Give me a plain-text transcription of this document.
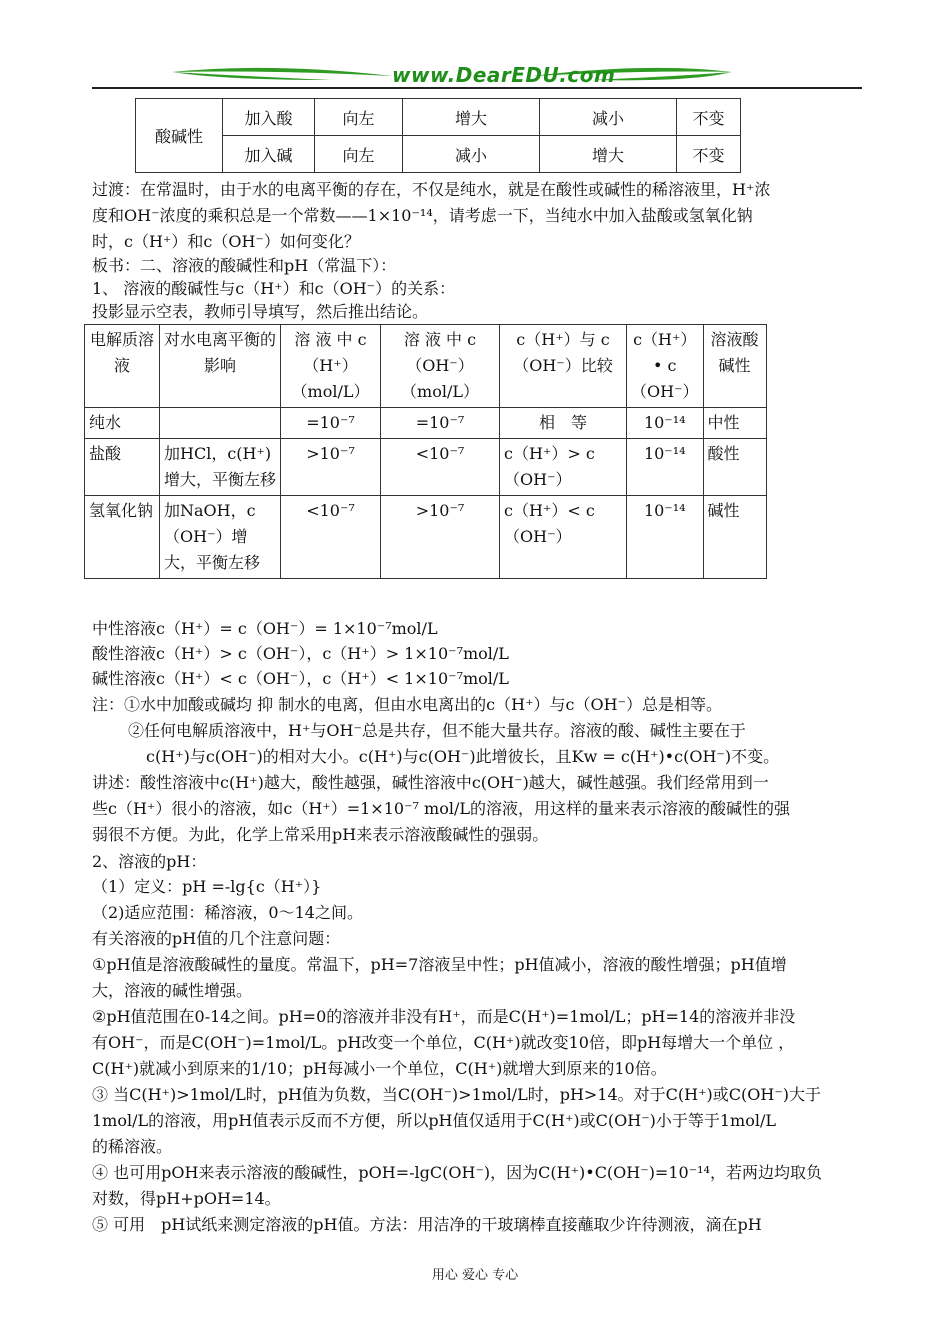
www.DearEDU.com
酸碱性	加入酸	向左	增大	减小	不变
	加入碱	向左	减小	增大	不变
过渡：在常温时，由于水的电离平衡的存在，不仅是纯水，就是在酸性或碱性的稀溶液里，H⁺浓
度和OH⁻浓度的乘积总是一个常数——1×10⁻¹⁴，请考虑一下，当纯水中加入盐酸或氢氧化钠
时，c（H⁺）和c（OH⁻）如何变化？
板书：二、溶液的酸碱性和pH（常温下）：
1、 溶液的酸碱性与c（H⁺）和c（OH⁻）的关系：
投影显示空表，教师引导填写，然后推出结论。
电解质溶液	对水电离平衡的影响	溶 液 中 c（H⁺）（mol/L）	溶 液 中 c（OH⁻）（mol/L）	c（H⁺）与 c（OH⁻）比较	c（H⁺）• c（OH⁻）	溶液酸碱性
纯水		=10⁻⁷	=10⁻⁷	相　等	10⁻¹⁴	中性
盐酸	加HCl，c(H⁺)增大，平衡左移	>10⁻⁷	<10⁻⁷	c（H⁺）> c（OH⁻）	10⁻¹⁴	酸性
氢氧化钠	加NaOH，c（OH⁻）增大，平衡左移	<10⁻⁷	>10⁻⁷	c（H⁺）< c（OH⁻）	10⁻¹⁴	碱性
中性溶液c（H⁺）= c（OH⁻）= 1×10⁻⁷mol/L
酸性溶液c（H⁺）> c（OH⁻），c（H⁺）> 1×10⁻⁷mol/L
碱性溶液c（H⁺）< c（OH⁻），c（H⁺）< 1×10⁻⁷mol/L
注：①水中加酸或碱均 抑 制水的电离，但由水电离出的c（H⁺）与c（OH⁻）总是相等。
②任何电解质溶液中，H⁺与OH⁻总是共存，但不能大量共存。溶液的酸、碱性主要在于
c(H⁺)与c(OH⁻)的相对大小。c(H⁺)与c(OH⁻)此增彼长，且Kw = c(H⁺)•c(OH⁻)不变。
讲述：酸性溶液中c(H⁺)越大，酸性越强，碱性溶液中c(OH⁻)越大，碱性越强。我们经常用到一
些c（H⁺）很小的溶液，如c（H⁺）=1×10⁻⁷ mol/L的溶液，用这样的量来表示溶液的酸碱性的强
弱很不方便。为此，化学上常采用pH来表示溶液酸碱性的强弱。
2、溶液的pH：
（1）定义：pH =-lg{c（H⁺）}
（2)适应范围：稀溶液，0～14之间。
有关溶液的pH值的几个注意问题：
①pH值是溶液酸碱性的量度。常温下，pH=7溶液呈中性；pH值减小，溶液的酸性增强；pH值增
大，溶液的碱性增强。
②pH值范围在0-14之间。pH=0的溶液并非没有H⁺，而是C(H⁺)=1mol/L；pH=14的溶液并非没
有OH⁻，而是C(OH⁻)=1mol/L。pH改变一个单位，C(H⁺)就改变10倍，即pH每增大一个单位 ，
C(H⁺)就减小到原来的1/10；pH每减小一个单位，C(H⁺)就增大到原来的10倍。
③ 当C(H⁺)>1mol/L时，pH值为负数，当C(OH⁻)>1mol/L时，pH>14。对于C(H⁺)或C(OH⁻)大于
1mol/L的溶液，用pH值表示反而不方便，所以pH值仅适用于C(H⁺)或C(OH⁻)小于等于1mol/L
的稀溶液。
④ 也可用pOH来表示溶液的酸碱性，pOH=-lgC(OH⁻)，因为C(H⁺)•C(OH⁻)=10⁻¹⁴，若两边均取负
对数，得pH+pOH=14。
⑤ 可用　pH试纸来测定溶液的pH值。方法：用洁净的干玻璃棒直接蘸取少许待测液，滴在pH
用心 爱心 专心
